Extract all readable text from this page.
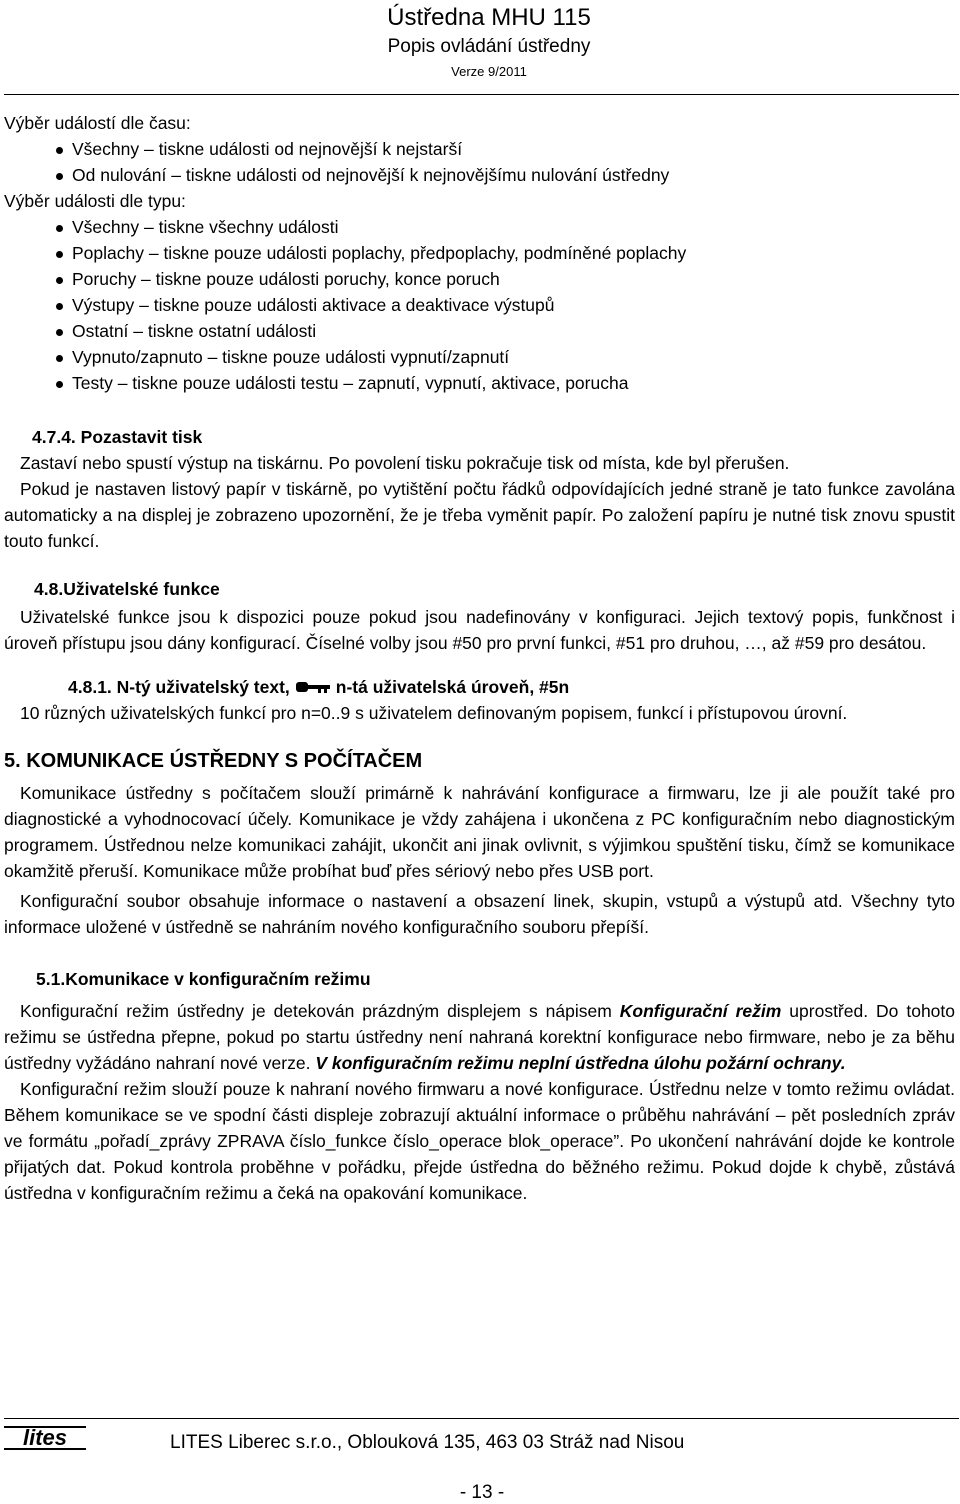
Ústředna MHU 115
Popis ovládání ústředny
Verze 9/2011
Výběr událostí dle času:
Všechny – tiskne události od nejnovější k nejstarší
Od nulování – tiskne události od nejnovější k nejnovějšímu nulování ústředny
Výběr události dle typu:
Všechny – tiskne všechny události
Poplachy – tiskne pouze události poplachy, předpoplachy, podmíněné poplachy
Poruchy – tiskne pouze události poruchy, konce poruch
Výstupy – tiskne pouze události aktivace a deaktivace výstupů
Ostatní – tiskne ostatní události
Vypnuto/zapnuto – tiskne pouze události vypnutí/zapnutí
Testy – tiskne pouze události testu – zapnutí, vypnutí, aktivace, porucha
4.7.4. Pozastavit tisk

Zastaví nebo spustí výstup na tiskárnu. Po povolení tisku pokračuje tisk od místa, kde byl přerušen.

Pokud je nastaven listový papír v tiskárně, po vytištění počtu řádků odpovídajících jedné straně je tato funkce zavolána automaticky a na displej je zobrazeno upozornění, že je třeba vyměnit papír. Po založení papíru je nutné tisk znovu spustit touto funkcí.

4.8.Uživatelské funkce

Uživatelské funkce jsou k dispozici pouze pokud jsou nadefinovány v konfiguraci. Jejich textový popis, funkčnost i úroveň přístupu jsou dány konfigurací. Číselné volby jsou #50 pro první funkci, #51 pro druhou, …, až #59 pro desátou.

4.8.1. N-tý uživatelský text,	n-tá uživatelská úroveň, #5n

10 různých uživatelských funkcí pro n=0..9 s uživatelem definovaným popisem, funkcí i přístupovou úrovní.

5. KOMUNIKACE ÚSTŘEDNY S POČÍTAČEM

Komunikace ústředny s počítačem slouží primárně k nahrávání konfigurace a firmwaru, lze ji ale použít také pro diagnostické a vyhodnocovací účely. Komunikace je vždy zahájena i ukončena z PC konfiguračním nebo diagnostickým programem. Ústřednou nelze komunikaci zahájit, ukončit ani jinak ovlivnit, s výjimkou spuštění tisku, čímž se komunikace okamžitě přeruší. Komunikace může probíhat buď přes sériový nebo přes USB port.

Konfigurační soubor obsahuje informace o nastavení a obsazení linek, skupin, vstupů a výstupů atd. Všechny tyto informace uložené v ústředně se nahráním nového konfiguračního souboru přepíší.

5.1.Komunikace v konfiguračním režimu

Konfigurační režim ústředny je detekován prázdným displejem s nápisem Konfigurační režim uprostřed. Do tohoto režimu se ústředna přepne, pokud po startu ústředny není nahraná korektní konfigurace nebo firmware, nebo je za běhu ústředny vyžádáno nahraní nové verze. V konfiguračním režimu neplní ústředna úlohu požární ochrany.

Konfigurační režim slouží pouze k nahraní nového firmwaru a nové konfigurace. Ústřednu nelze v tomto režimu ovládat. Během komunikace se ve spodní části displeje zobrazují aktuální informace o průběhu nahrávání – pět posledních zpráv ve formátu „pořadí_zprávy ZPRAVA číslo_funkce číslo_operace blok_operace”. Po ukončení nahrávání dojde ke kontrole přijatých dat. Pokud kontrola proběhne v pořádku, přejde ústředna do běžného režimu. Pokud dojde k chybě, zůstává ústředna v konfiguračním režimu a čeká na opakování komunikace.

lites	LITES Liberec s.r.o., Oblouková 135, 463 03 Stráž nad Nisou
- 13 -
